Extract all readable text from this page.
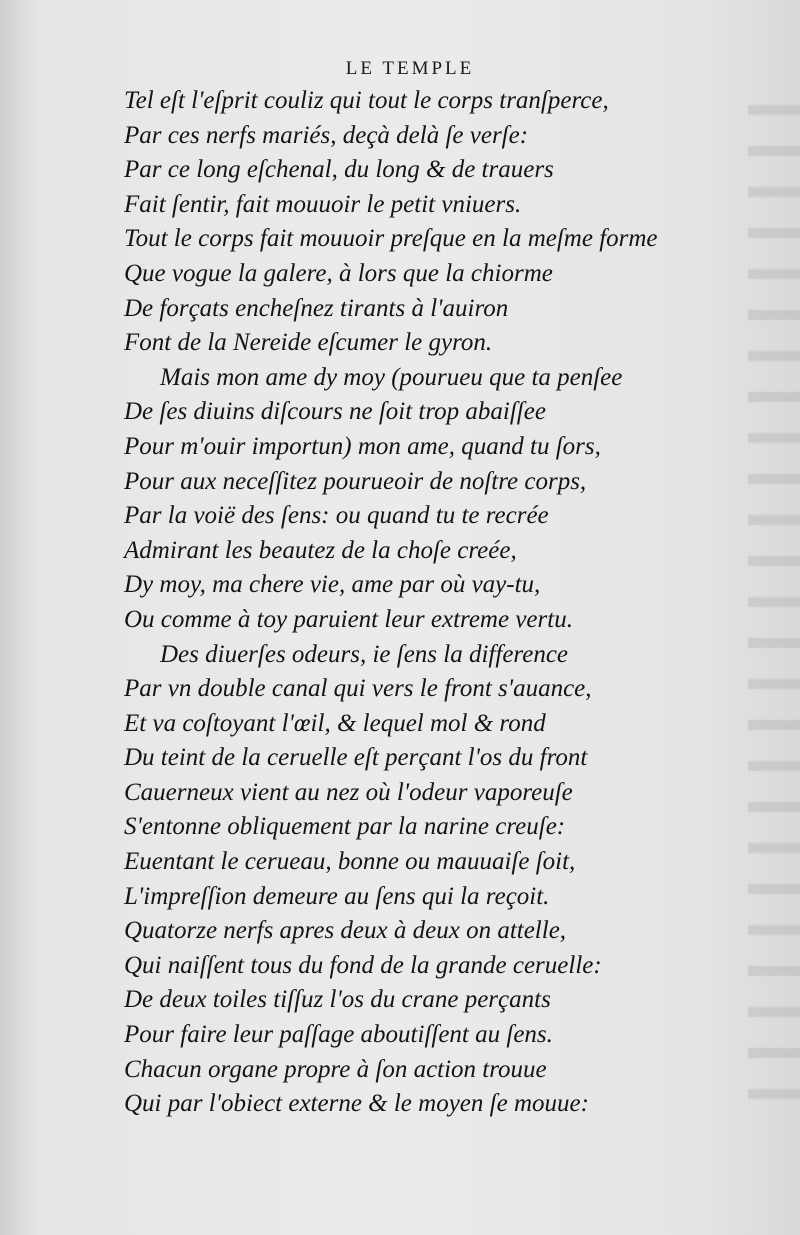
LE TEMPLE
Tel eſt l'eſprit couliz qui tout le corps tranſperce,
Par ces nerfs mariés, deçà delà ſe verſe:
Par ce long eſchenal, du long & de trauers
Fait ſentir, fait mouuoir le petit vniuers.
Tout le corps fait mouuoir preſque en la meſme forme
Que vogue la galere, à lors que la chiorme
De forçats encheſnez tirants à l'auiron
Font de la Nereide eſcumer le gyron.
Mais mon ame dy moy (pourueu que ta penſee
De ſes diuins diſcours ne ſoit trop abaiſſee
Pour m'ouir importun) mon ame, quand tu ſors,
Pour aux neceſſitez pourueoir de noſtre corps,
Par la voië des ſens: ou quand tu te recrée
Admirant les beautez de la choſe creée,
Dy moy, ma chere vie, ame par où vay-tu,
Ou comme à toy paruient leur extreme vertu.
Des diuerſes odeurs, ie ſens la difference
Par vn double canal qui vers le front s'auance,
Et va coſtoyant l'œil, & lequel mol & rond
Du teint de la ceruelle eſt perçant l'os du front
Cauerneux vient au nez où l'odeur vaporeuſe
S'entonne obliquement par la narine creuſe:
Euentant le cerueau, bonne ou mauuaiſe ſoit,
L'impreſſion demeure au ſens qui la reçoit.
Quatorze nerfs apres deux à deux on attelle,
Qui naiſſent tous du fond de la grande ceruelle:
De deux toiles tiſſuz l'os du crane perçants
Pour faire leur paſſage aboutiſſent au ſens.
Chacun organe propre à ſon action trouue
Qui par l'obiect externe & le moyen ſe mouue:
